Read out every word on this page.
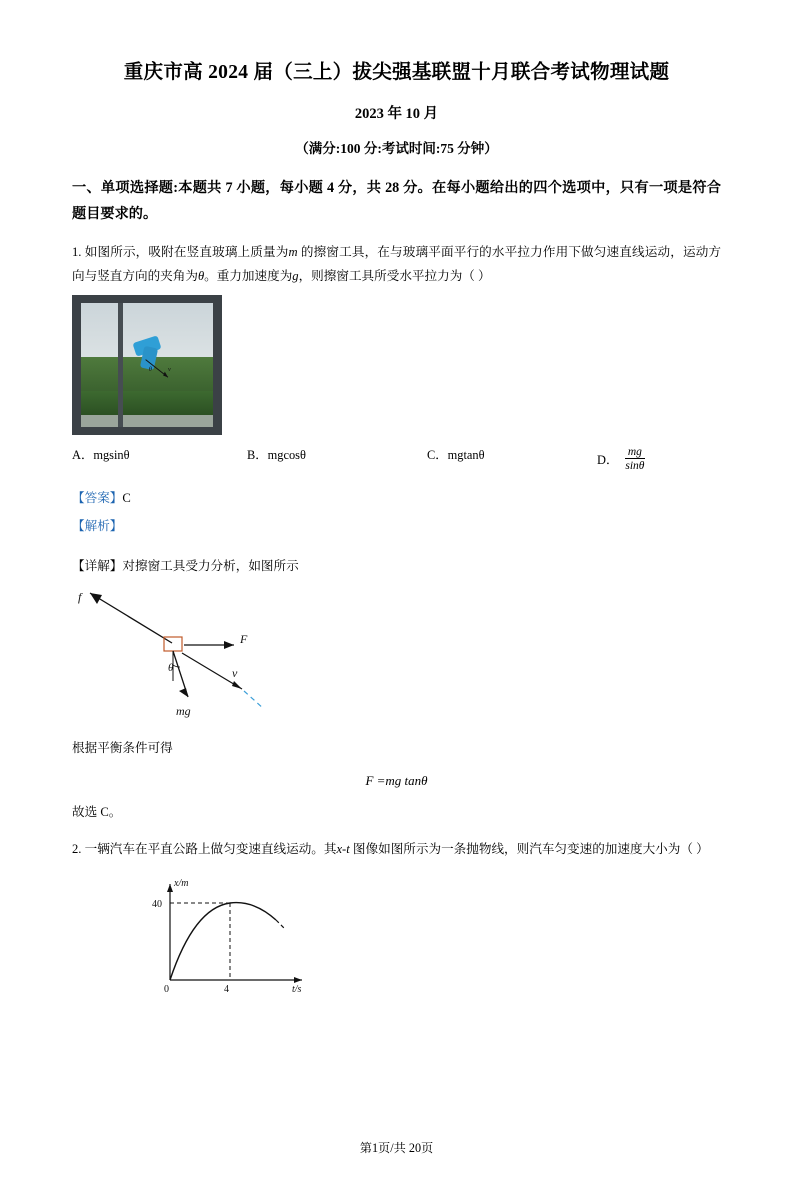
重庆市高 2024 届（三上）拔尖强基联盟十月联合考试物理试题
2023 年 10 月
（满分:100 分:考试时间:75 分钟）
一、单项选择题:本题共 7 小题，每小题 4 分，共 28 分。在每小题给出的四个选项中，只有一项是符合题目要求的。
1. 如图所示，吸附在竖直玻璃上质量为m 的擦窗工具，在与玻璃平面平行的水平拉力作用下做匀速直线运动，运动方向与竖直方向的夹角为θ。重力加速度为g，则擦窗工具所受水平拉力为（ ）
θ v
A．mgsinθ	B．mgcosθ	C．mgtanθ	D． $\frac{mg}{\sin\theta}$
【答案】C
【解析】
【详解】对擦窗工具受力分析，如图所示
f
F
mg
θ	v
根据平衡条件可得
F =mg tanθ
故选 C。
2. 一辆汽车在平直公路上做匀变速直线运动。其x-t 图像如图所示为一条抛物线，则汽车匀变速的加速度大小为（ ）
x/m
t/s
40
0	4
第1页/共 20页
